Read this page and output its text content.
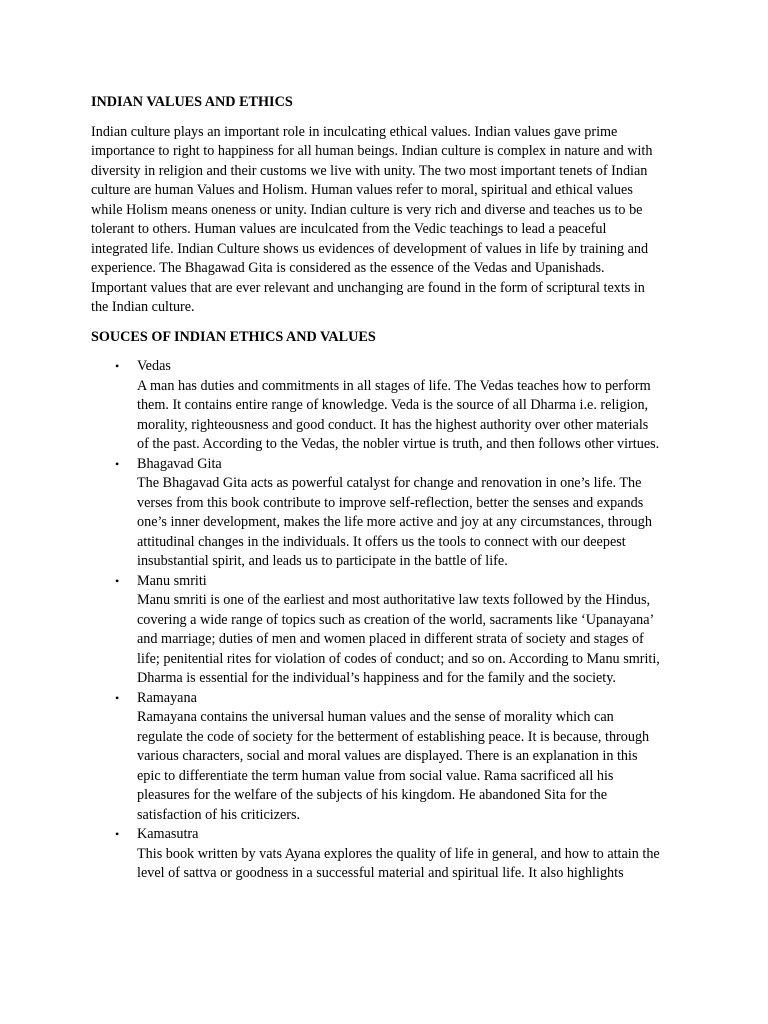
INDIAN VALUES AND ETHICS

Indian culture plays an important role in inculcating ethical values. Indian values gave prime importance to right to happiness for all human beings. Indian culture is complex in nature and with diversity in religion and their customs we live with unity. The two most important tenets of Indian culture are human Values and Holism. Human values refer to moral, spiritual and ethical values while Holism means oneness or unity. Indian culture is very rich and diverse and teaches us to be tolerant to others. Human values are inculcated from the Vedic teachings to lead a peaceful integrated life. Indian Culture shows us evidences of development of values in life by training and experience. The Bhagawad Gita is considered as the essence of the Vedas and Upanishads. Important values that are ever relevant and unchanging are found in the form of scriptural texts in the Indian culture.

SOUCES OF INDIAN ETHICS AND VALUES
• Vedas
A man has duties and commitments in all stages of life. The Vedas teaches how to perform them. It contains entire range of knowledge. Veda is the source of all Dharma i.e. religion, morality, righteousness and good conduct. It has the highest authority over other materials of the past. According to the Vedas, the nobler virtue is truth, and then follows other virtues.
• Bhagavad Gita
The Bhagavad Gita acts as powerful catalyst for change and renovation in one’s life. The verses from this book contribute to improve self-reflection, better the senses and expands one’s inner development, makes the life more active and joy at any circumstances, through attitudinal changes in the individuals. It offers us the tools to connect with our deepest insubstantial spirit, and leads us to participate in the battle of life.
• Manu smriti
Manu smriti is one of the earliest and most authoritative law texts followed by the Hindus, covering a wide range of topics such as creation of the world, sacraments like ‘Upanayana’ and marriage; duties of men and women placed in different strata of society and stages of life; penitential rites for violation of codes of conduct; and so on. According to Manu smriti, Dharma is essential for the individual’s happiness and for the family and the society.
• Ramayana
Ramayana contains the universal human values and the sense of morality which can regulate the code of society for the betterment of establishing peace. It is because, through various characters, social and moral values are displayed. There is an explanation in this epic to differentiate the term human value from social value. Rama sacrificed all his pleasures for the welfare of the subjects of his kingdom. He abandoned Sita for the satisfaction of his criticizers.
• Kamasutra
This book written by vats Ayana explores the quality of life in general, and how to attain the level of sattva or goodness in a successful material and spiritual life. It also highlights
